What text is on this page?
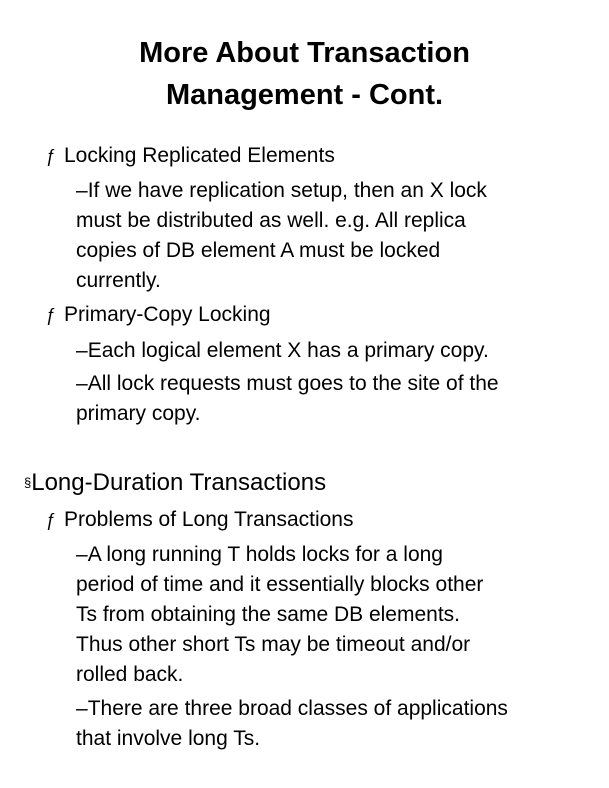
More About Transaction
Management - Cont.
ƒ Locking Replicated Elements
–If we have replication setup, then an X lock
must be distributed as well. e.g. All replica
copies of DB element A must be locked
currently.
ƒ Primary-Copy Locking
–Each logical element X has a primary copy.
–All lock requests must goes to the site of the
primary copy.
§Long-Duration Transactions
ƒ Problems of Long Transactions
–A long running T holds locks for a long
period of time and it essentially blocks other
Ts from obtaining the same DB elements.
Thus other short Ts may be timeout and/or
rolled back.
–There are three broad classes of applications
that involve long Ts.
